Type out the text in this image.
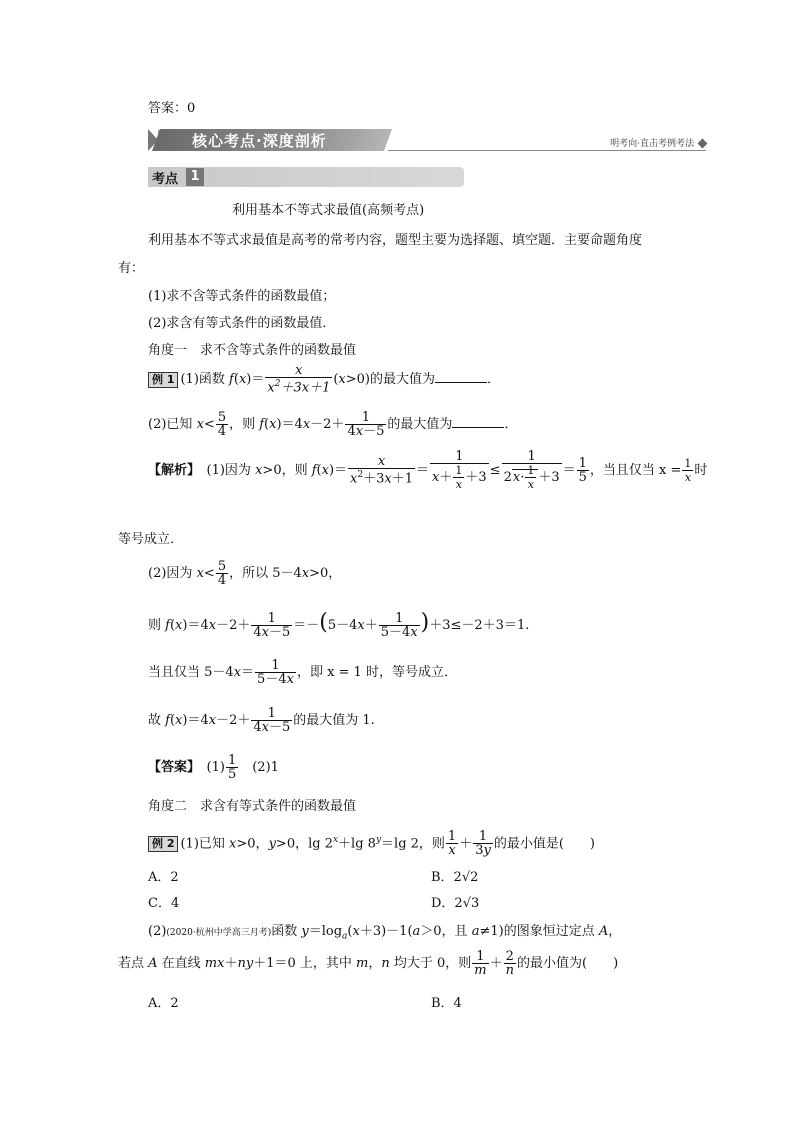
答案：0
核心考点·深度剖析	明考向·直击考例考法
考点 1
利用基本不等式求最值(高频考点)
利用基本不等式求最值是高考的常考内容，题型主要为选择题、填空题．主要命题角度
有：
(1)求不含等式条件的函数最值；
(2)求含有等式条件的函数最值．
角度一　求不含等式条件的函数最值
例 1 (1)函数 $f(x)= \frac{x}{x^2+3x+1} (x>0)$的最大值为	．
(2)已知 $x< \frac{5}{4}$ ，则 $f(x)=4x-2+ \frac{1}{4x-5}$ 的最大值为	．
【解析】　(1)因为 x>0，则 $f(x)= \frac{x}{x^2+3x+1} = \frac{1}{x+ \frac{1}{x} +3} \le \frac{1}{2x\cdot \frac{1}{x} +3} = \frac{1}{5}$ ，当且仅当 $x = \frac{1}{x}$ 时
等号成立．
(2)因为 $x< \frac{5}{4}$ ，所以 5－4x>0，
则 $f(x)=4x-2+ \frac{1}{4x-5} =-(5-4x+ \frac{1}{5-4x} )+3\le-2+3=1$.
当且仅当 $5-4x= \frac{1}{5-4x}$ ，即 x = 1 时，等号成立．
故 $f(x)=4x-2+ \frac{1}{4x-5}$ 的最大值为 1.
【答案】　$(1) \frac{1}{5}$
　 (2)1
角度二　求含有等式条件的函数最值
例 2 (1)已知 x>0，y>0，$\lg 2^x+\lg$ $8^y=\lg$ 2，则 $\frac{1}{x} + \frac{1}{3y}$ 的最小值是(　　)
A．2	B．2√2
C．4	D．2√3
(2)(2020·杭州中学高三月考)函数 $y=\log_a(x+3)-1(a>0$，且 a≠1)的图象恒过定点 A，
若点 A 在直线 mx＋ny＋1＝0 上，其中 m，n 均大于 0，则 $\frac{1}{m} + \frac{2}{n}$ 的最小值为(　　)
A．2	B．4
